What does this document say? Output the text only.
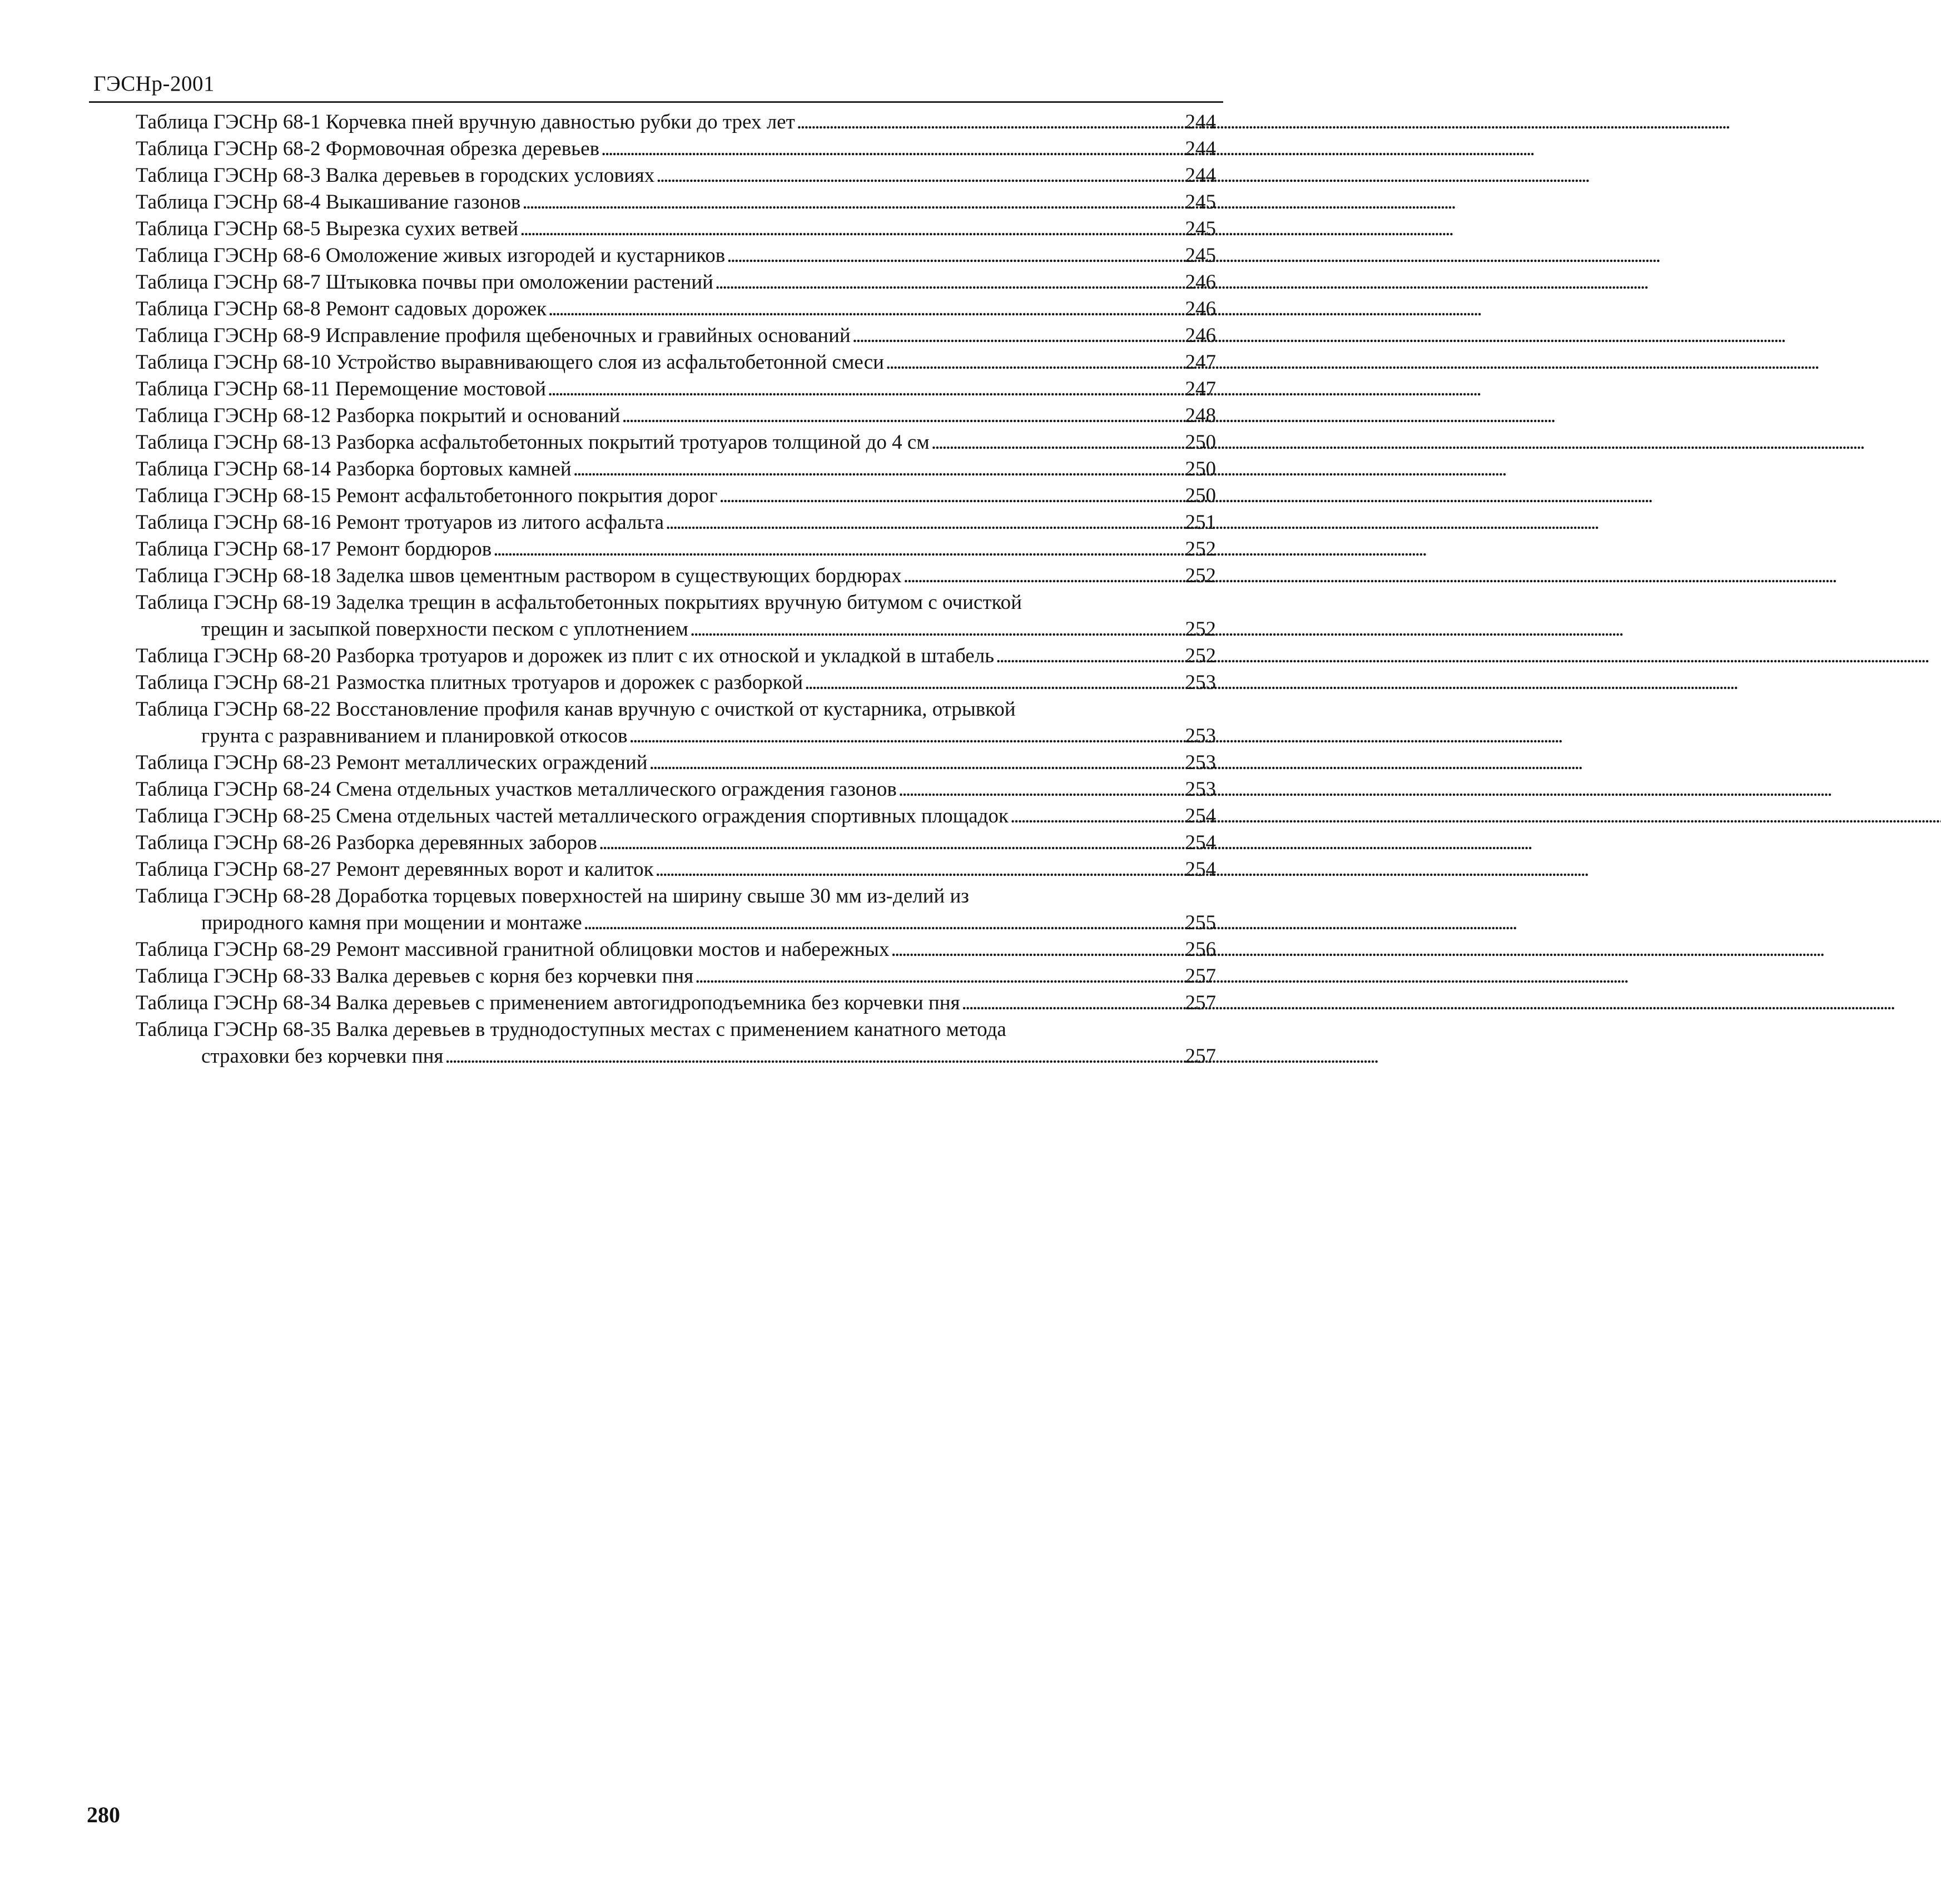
ГЭСНр-2001
Таблица ГЭСНр 68-1 Корчевка пней вручную давностью рубки до трех лет . . .	244
Таблица ГЭСНр 68-2 Формовочная обрезка деревьев . . .	244
Таблица ГЭСНр 68-3 Валка деревьев в городских условиях . . .	244
Таблица ГЭСНр 68-4 Выкашивание газонов . . .	245
Таблица ГЭСНр 68-5 Вырезка сухих ветвей . . .	245
Таблица ГЭСНр 68-6 Омоложение живых изгородей и кустарников . . .	245
Таблица ГЭСНр 68-7 Штыковка почвы при омоложении растений . . .	246
Таблица ГЭСНр 68-8 Ремонт садовых дорожек . . .	246
Таблица ГЭСНр 68-9 Исправление профиля щебеночных и гравийных оснований . . .	246
Таблица ГЭСНр 68-10 Устройство выравнивающего слоя из асфальтобетонной смеси . . .	247
Таблица ГЭСНр 68-11 Перемощение мостовой . . .	247
Таблица ГЭСНр 68-12 Разборка покрытий и оснований . . .	248
Таблица ГЭСНр 68-13 Разборка асфальтобетонных покрытий тротуаров толщиной до 4 см . . .	250
Таблица ГЭСНр 68-14 Разборка бортовых камней . . .	250
Таблица ГЭСНр 68-15 Ремонт асфальтобетонного покрытия дорог . . .	250
Таблица ГЭСНр 68-16 Ремонт тротуаров из литого асфальта . . .	251
Таблица ГЭСНр 68-17 Ремонт бордюров . . .	252
Таблица ГЭСНр 68-18 Заделка швов цементным раствором в существующих бордюрах . . .	252
Таблица ГЭСНр 68-19 Заделка трещин в асфальтобетонных покрытиях вручную битумом с очисткой
трещин и засыпкой поверхности песком с уплотнением . . .	252
Таблица ГЭСНр 68-20 Разборка тротуаров и дорожек из плит с их отноской и укладкой в штабель . . .	252
Таблица ГЭСНр 68-21 Размостка плитных тротуаров и дорожек с разборкой . . .	253
Таблица ГЭСНр 68-22 Восстановление профиля канав вручную с очисткой от кустарника, отрывкой
грунта с разравниванием и планировкой откосов . . .	253
Таблица ГЭСНр 68-23 Ремонт металлических ограждений . . .	253
Таблица ГЭСНр 68-24 Смена отдельных участков металлического ограждения газонов . . .	253
Таблица ГЭСНр 68-25 Смена отдельных частей металлического ограждения спортивных площадок . . .	254
Таблица ГЭСНр 68-26 Разборка деревянных заборов . . .	254
Таблица ГЭСНр 68-27 Ремонт деревянных ворот и калиток . . .	254
Таблица ГЭСНр 68-28 Доработка торцевых поверхностей на ширину свыше 30 мм из-делий из
природного камня при мощении и монтаже . . .	255
Таблица ГЭСНр 68-29 Ремонт массивной гранитной облицовки мостов и набережных . . .	256
Таблица ГЭСНр 68-33 Валка деревьев с корня без корчевки пня . . .	257
Таблица ГЭСНр 68-34 Валка деревьев с применением автогидроподъемника без корчевки пня . . .	257
Таблица ГЭСНр 68-35 Валка деревьев в труднодоступных местах с применением канатного метода
страховки без корчевки пня . . .	257
280
